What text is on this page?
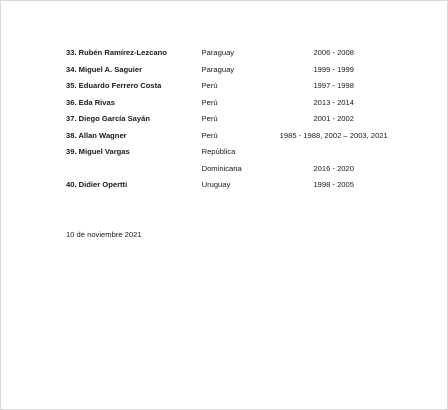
33. Rubén Ramírez-Lezcano	Paraguay	2006 - 2008
34. Miguel A. Saguier	Paraguay	1999 - 1999
35. Eduardo Ferrero Costa	Perú	1997 - 1998
36. Eda Rivas	Perú	2013 - 2014
37. Diego García Sayán	Perú	2001 - 2002
38. Allan Wagner	Perú	1985 - 1988, 2002 – 2003, 2021
39. Miguel Vargas	República
Dominicana	2016 - 2020
40. Didier Opertti	Uruguay	1998 - 2005
10 de noviembre 2021
